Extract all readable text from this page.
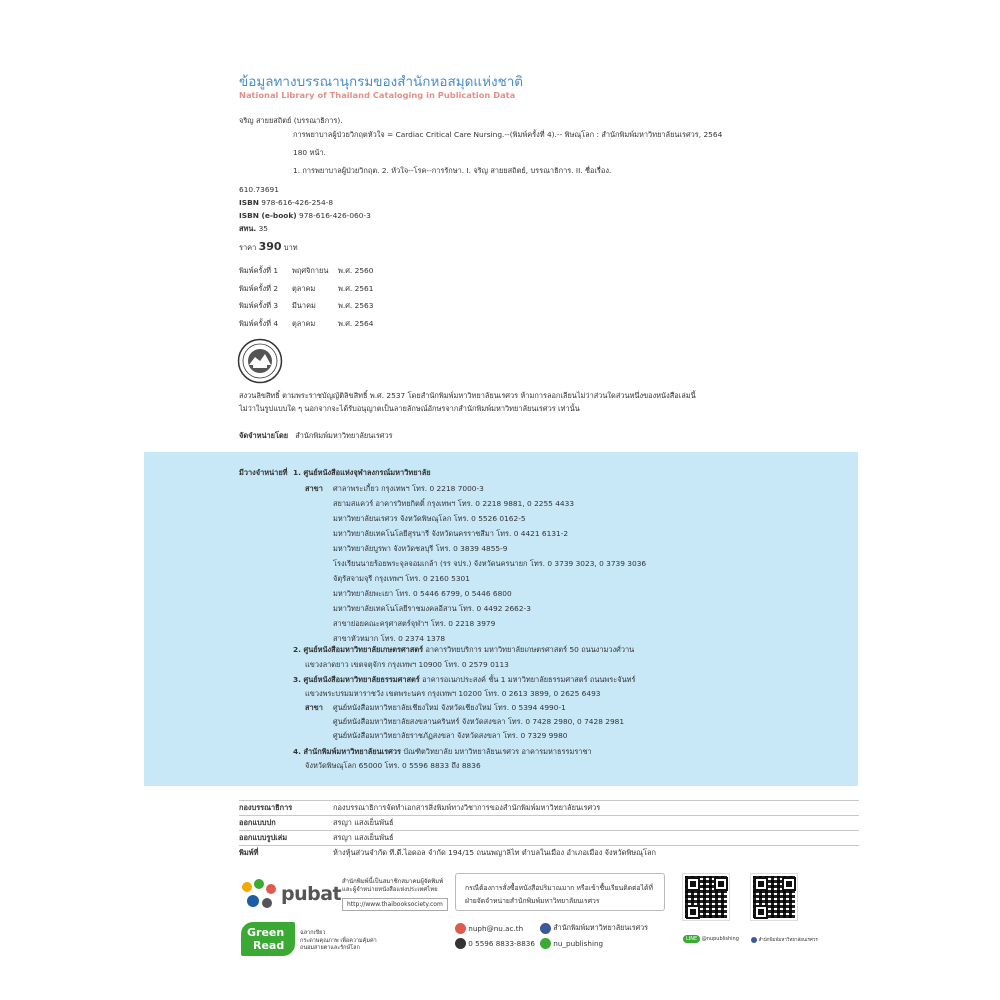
ข้อมูลทางบรรณานุกรมของสำนักหอสมุดแห่งชาติ
National Library of Thailand Cataloging in Publication Data
จริญ สายยสถิตย์ (บรรณาธิการ).
การพยาบาลผู้ป่วยวิกฤตหัวใจ = Cardiac Critical Care Nursing.--(พิมพ์ครั้งที่ 4).-- พิษณุโลก : สำนักพิมพ์มหาวิทยาลัยนเรศวร, 2564
180 หน้า.
1. การพยาบาลผู้ป่วยวิกฤต. 2. หัวใจ--โรค--การรักษา. I. จริญ สายยสถิตย์, บรรณาธิการ. II. ชื่อเรื่อง.
610.73691
ISBN 978-616-426-254-8
ISBN (e-book) 978-616-426-060-3
สทน. 35
ราคา 390 บาท
พิมพ์ครั้งที่ 1 พฤศจิกายน พ.ศ. 2560
พิมพ์ครั้งที่ 2 ตุลาคม	พ.ศ. 2561
พิมพ์ครั้งที่ 3 มีนาคม	พ.ศ. 2563
พิมพ์ครั้งที่ 4 ตุลาคม	พ.ศ. 2564
สงวนลิขสิทธิ์ ตามพระราชบัญญัติลิขสิทธิ์ พ.ศ. 2537 โดยสำนักพิมพ์มหาวิทยาลัยนเรศวร ห้ามการลอกเลียนไม่ว่าส่วนใดส่วนหนึ่งของหนังสือเล่มนี้
ไม่ว่าในรูปแบบใด ๆ นอกจากจะได้รับอนุญาตเป็นลายลักษณ์อักษรจากสำนักพิมพ์มหาวิทยาลัยนเรศวร เท่านั้น
จัดจำหน่ายโดย สำนักพิมพ์มหาวิทยาลัยนเรศวร
มีวางจำหน่ายที่ 1. ศูนย์หนังสือแห่งจุฬาลงกรณ์มหาวิทยาลัย
สาขา ศาลาพระเกี้ยว กรุงเทพฯ โทร. 0 2218 7000-3
สยามสแควร์ อาคารวิทยกิตติ์ กรุงเทพฯ โทร. 0 2218 9881, 0 2255 4433
มหาวิทยาลัยนเรศวร จังหวัดพิษณุโลก โทร. 0 5526 0162-5
มหาวิทยาลัยเทคโนโลยีสุรนารี จังหวัดนครราชสีมา โทร. 0 4421 6131-2
มหาวิทยาลัยบูรพา จังหวัดชลบุรี โทร. 0 3839 4855-9
โรงเรียนนายร้อยพระจุลจอมเกล้า (รร จปร.) จังหวัดนครนายก โทร. 0 3739 3023, 0 3739 3036
จัตุรัสจามจุรี กรุงเทพฯ โทร. 0 2160 5301
มหาวิทยาลัยพะเยา โทร. 0 5446 6799, 0 5446 6800
มหาวิทยาลัยเทคโนโลยีราชมงคลอีสาน โทร. 0 4492 2662-3
สาขาย่อยคณะครุศาสตร์จุฬาฯ โทร. 0 2218 3979
สาขาหัวหมาก โทร. 0 2374 1378
2. ศูนย์หนังสือมหาวิทยาลัยเกษตรศาสตร์ อาคารวิทยบริการ มหาวิทยาลัยเกษตรศาสตร์ 50 ถนนงามวงศ์วาน
แขวงลาดยาว เขตจตุจักร กรุงเทพฯ 10900 โทร. 0 2579 0113
3. ศูนย์หนังสือมหาวิทยาลัยธรรมศาสตร์ อาคารอเนกประสงค์ ชั้น 1 มหาวิทยาลัยธรรมศาสตร์ ถนนพระจันทร์
แขวงพระบรมมหาราชวัง เขตพระนคร กรุงเทพฯ 10200 โทร. 0 2613 3899, 0 2625 6493
สาขา ศูนย์หนังสือมหาวิทยาลัยเชียงใหม่ จังหวัดเชียงใหม่ โทร. 0 5394 4990-1
ศูนย์หนังสือมหาวิทยาลัยสงขลานครินทร์ จังหวัดสงขลา โทร. 0 7428 2980, 0 7428 2981
ศูนย์หนังสือมหาวิทยาลัยราชภัฏสงขลา จังหวัดสงขลา โทร. 0 7329 9980
4. สำนักพิมพ์มหาวิทยาลัยนเรศวร บัณฑิตวิทยาลัย มหาวิทยาลัยนเรศวร อาคารมหาธรรมราชา
จังหวัดพิษณุโลก 65000 โทร. 0 5596 8833 ถึง 8836
กองบรรณาธิการ	กองบรรณาธิการจัดทำเอกสารสิ่งพิมพ์ทางวิชาการของสำนักพิมพ์มหาวิทยาลัยนเรศวร
ออกแบบปก	สรญา แสงเย็นพันธ์
ออกแบบรูปเล่ม	สรญา แสงเย็นพันธ์
พิมพ์ที่	ห้างหุ้นส่วนจำกัด ที.ดี.ไอดอล จำกัด 194/15 ถนนพญาลิไท ตำบลในเมือง อำเภอเมือง จังหวัดพิษณุโลก
pubat
สำนักพิมพ์นี้เป็นสมาชิกสมาคมผู้จัดพิมพ์
และผู้จำหน่ายหนังสือแห่งประเทศไทย
http://www.thaibooksociety.com
Green
Read
ฉลากเขียว
กระดาษคุณภาพ เพื่อความคุ้มค่า
ถนอมสายตาและรักษ์โลก
กรณีต้องการสั่งซื้อหนังสือปริมาณมาก หรือเข้าชื้นเรียนติดต่อได้ที่
ฝ่ายจัดจำหน่ายสำนักพิมพ์มหาวิทยาลัยนเรศวร
nuph@nu.ac.th	สำนักพิมพ์มหาวิทยาลัยนเรศวร
0 5596 8833-8836	nu_publishing	LINE @nupublishing	สำนักพิมพ์มหาวิทยาลัยนเรศวร
